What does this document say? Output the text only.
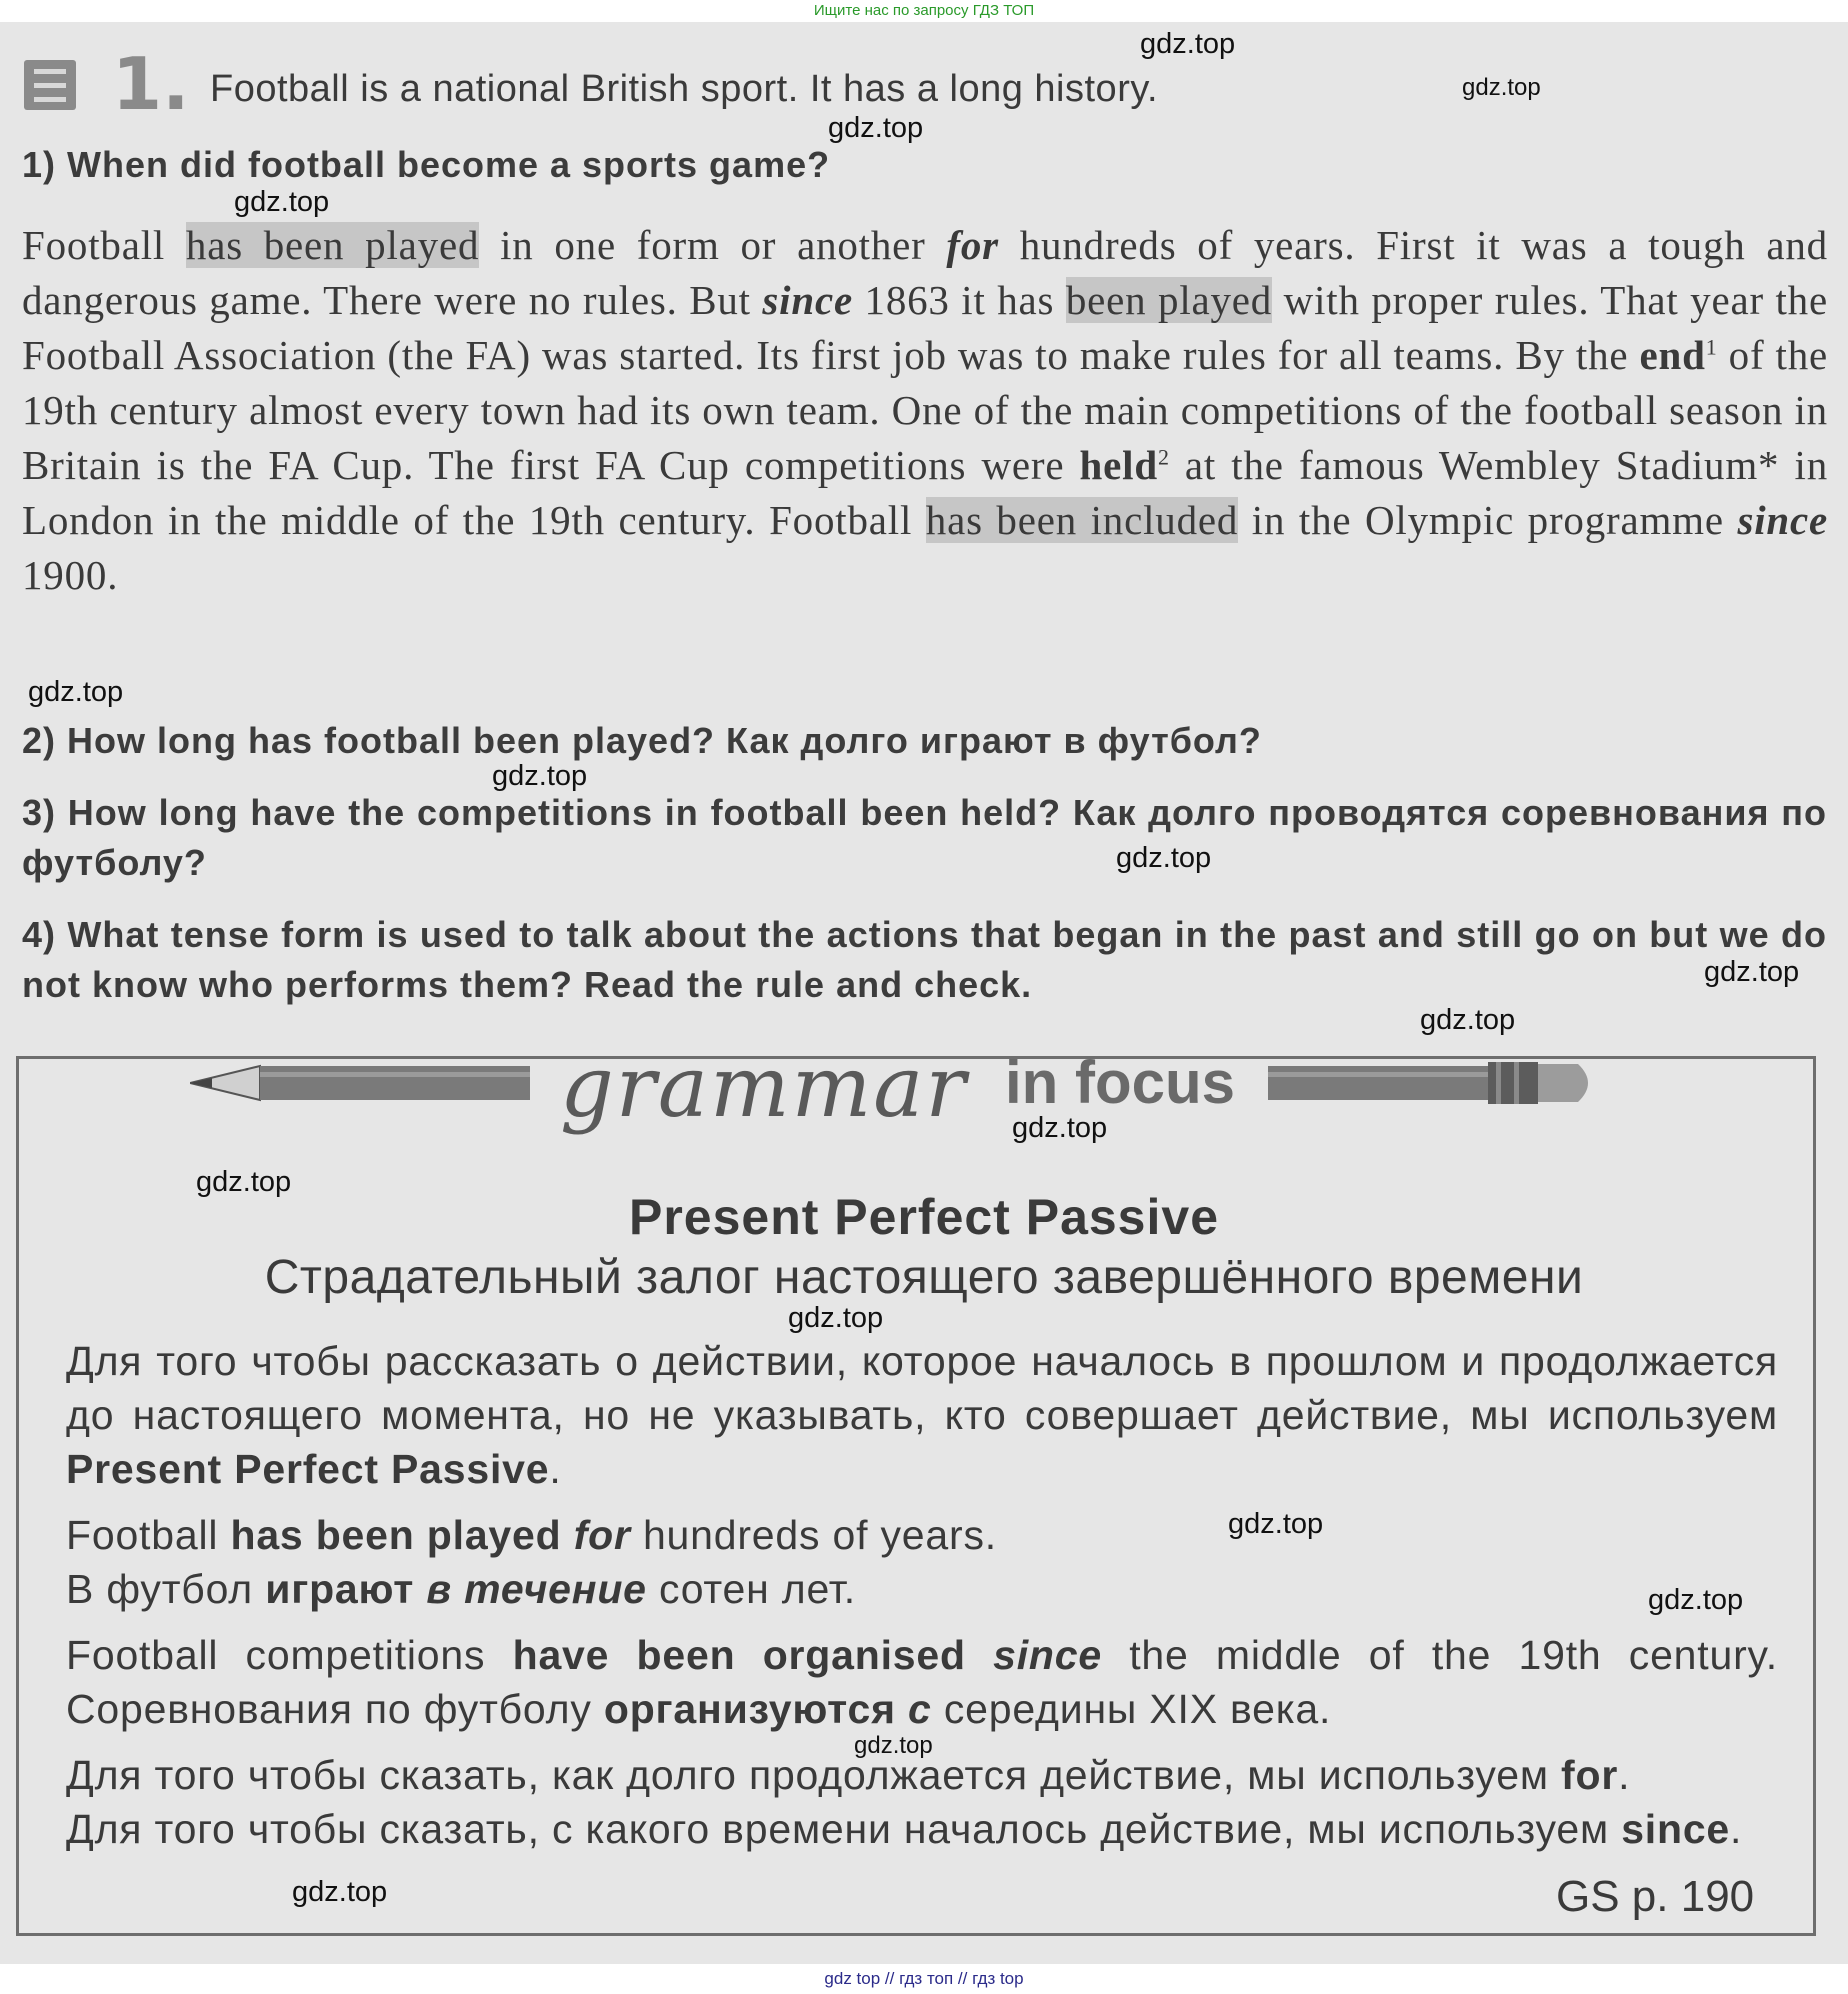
Ищите нас по запросу ГДЗ ТОП
1. Football is a national British sport. It has a long history.
1) When did football become a sports game?
Football has been played in one form or another for hundreds of years. First it was a tough and dangerous game. There were no rules. But since 1863 it has been played with proper rules. That year the Football Association (the FA) was started. Its first job was to make rules for all teams. By the end$^1$ of the 19th century almost every town had its own team. One of the main competitions of the football season in Britain is the FA Cup. The first FA Cup competitions were held$^2$ at the famous Wembley Stadium* in London in the middle of the 19th century. Football has been included in the Olympic programme since 1900.
2) How long has football been played? Как долго играют в футбол?
3) How long have the competitions in football been held? Как долго проводятся соревнования по футболу?
4) What tense form is used to talk about the actions that began in the past and still go on but we do not know who performs them? Read the rule and check.
grammar in focus
Present Perfect Passive
Страдательный залог настоящего завершённого времени
Для того чтобы рассказать о действии, которое началось в прошлом и продолжается до настоящего момента, но не указывать, кто совершает действие, мы используем Present Perfect Passive.
Football has been played for hundreds of years.
В футбол играют в течение сотен лет.
Football competitions have been organised since the middle of the 19th century. Соревнования по футболу организуются с середины XIX века.
Для того чтобы сказать, как долго продолжается действие, мы используем for.
Для того чтобы сказать, с какого времени началось действие, мы используем since.
GS p. 190
gdz.top
gdz.top
gdz.top
gdz.top
gdz.top
gdz.top
gdz.top
gdz.top
gdz.top
gdz.top
gdz.top
gdz.top
gdz.top
gdz.top
gdz.top
gdz.top
gdz top // гдз топ // гдз top
